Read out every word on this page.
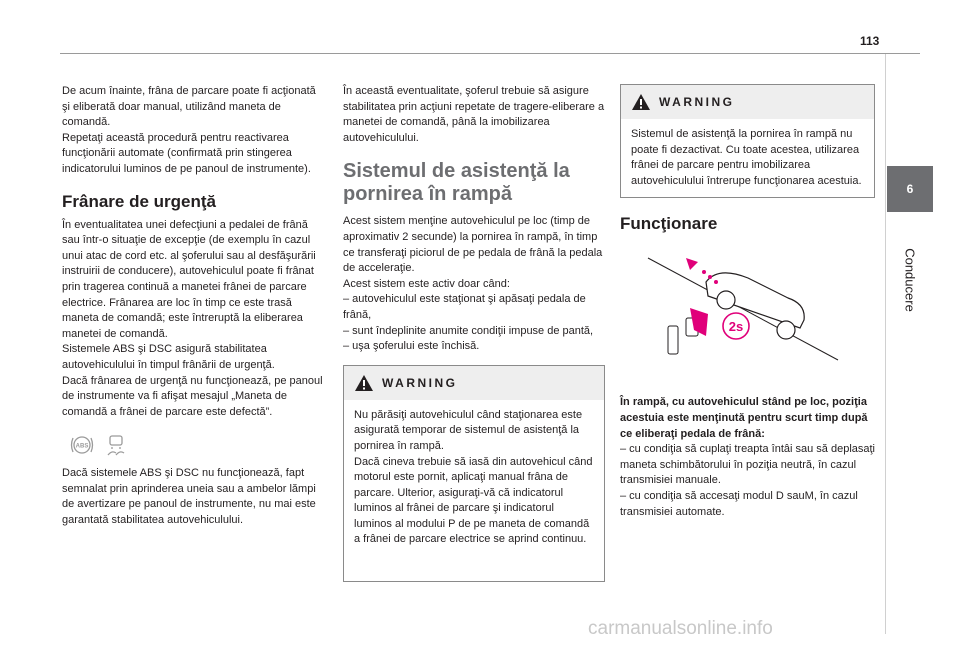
113
6
Conducere

De acum înainte, frâna de parcare poate fi acţionată şi eliberată doar manual, utilizând maneta de comandă.
Repetaţi această procedură pentru reactivarea funcţionării automate (confirmată prin stingerea indicatorului luminos de pe panoul de instrumente).

Frânare de urgenţă

În eventualitatea unei defecţiuni a pedalei de frână sau într-o situaţie de excepţie (de exemplu în cazul unui atac de cord etc. al şoferului sau al desfăşurării instruirii de conducere), autovehiculul poate fi frânat prin tragerea continuă a manetei frânei de parcare electrice. Frânarea are loc în timp ce este trasă maneta de comandă; este întreruptă la eliberarea manetei de comandă.
Sistemele ABS şi DSC asigură stabilitatea autovehiculului în timpul frânării de urgenţă.
Dacă frânarea de urgenţă nu funcţionează, pe panoul de instrumente va fi afişat mesajul „Maneta de comandă a frânei de parcare este defectă”.

ABS

Dacă sistemele ABS şi DSC nu funcţionează, fapt semnalat prin aprinderea uneia sau a ambelor lămpi de avertizare pe panoul de instrumente, nu mai este garantată stabilitatea autovehiculului.

În această eventualitate, şoferul trebuie să asigure stabilitatea prin acţiuni repetate de tragere-eliberare a manetei de comandă, până la imobilizarea autovehiculului.

Sistemul de asistenţă la pornirea în rampă

Acest sistem menţine autovehiculul pe loc (timp de aproximativ 2 secunde) la pornirea în rampă, în timp ce transferaţi piciorul de pe pedala de frână la pedala de acceleraţie.
Acest sistem este activ doar când:
– autovehiculul este staţionat şi apăsaţi pedala de frână,
– sunt îndeplinite anumite condiţii impuse de pantă,
– uşa şoferului este închisă.

WARNING

Nu părăsiţi autovehiculul când staţionarea este asigurată temporar de sistemul de asistenţă la pornirea în rampă.
Dacă cineva trebuie să iasă din autovehicul când motorul este pornit, aplicaţi manual frâna de parcare. Ulterior, asiguraţi-vă că indicatorul luminos al frânei de parcare şi indicatorul luminos al modului P de pe maneta de comandă a frânei de parcare electrice se aprind continuu.

WARNING

Sistemul de asistenţă la pornirea în rampă nu poate fi dezactivat. Cu toate acestea, utilizarea frânei de parcare pentru imobilizarea autovehiculului întrerupe funcţionarea acestuia.

Funcţionare
2s

În rampă, cu autovehiculul stând pe loc, poziţia acestuia este menţinută pentru scurt timp după ce eliberaţi pedala de frână:

– cu condiţia să cuplaţi treapta întâi sau să deplasaţi maneta schimbătorului în poziţia neutră, în cazul transmisiei manuale.
– cu condiţia să accesaţi modul D sauM, în cazul transmisiei automate.

carmanualsonline.info
